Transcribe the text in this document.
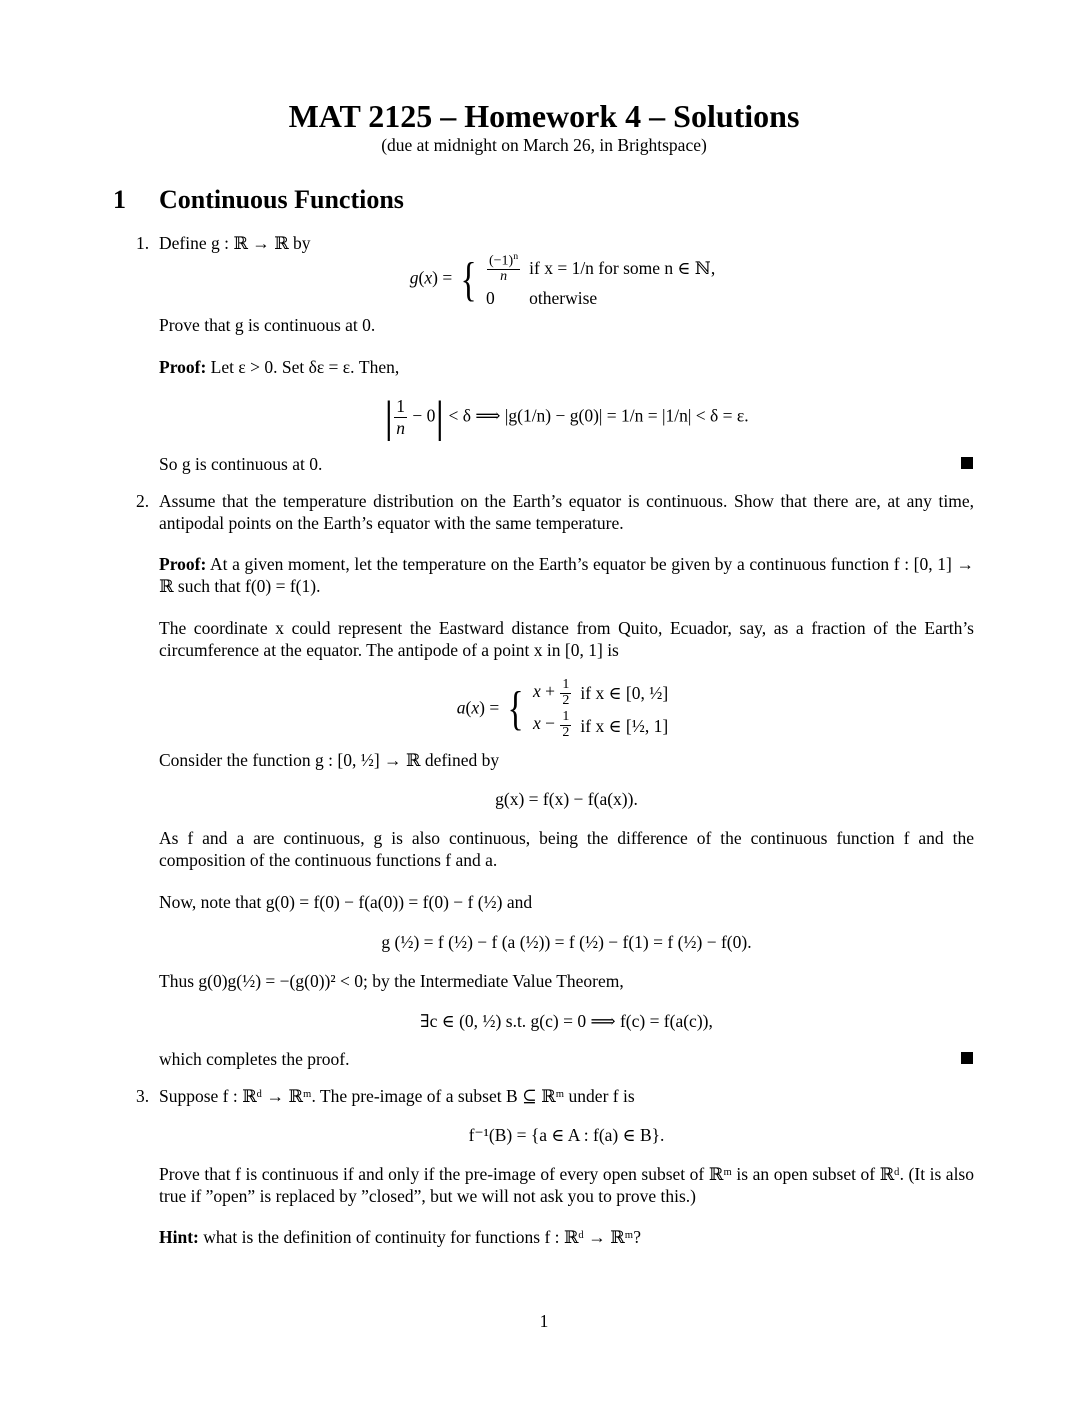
MAT 2125 – Homework 4 – Solutions
(due at midnight on March 26, in Brightspace)
1 Continuous Functions
1. Define g : ℝ → ℝ by
g(x) = { $\frac{(-1)^n}{n}$	if x = 1/n for some n ∈ ℕ,
0	otherwise
Prove that g is continuous at 0.
Proof: Let ε > 0. Set δε = ε. Then,
| $\frac{1}{n} - 0| < \delta$ ⟹ |g(1/n) − g(0)| = 1/n = |1/n| < δ = ε.
So g is continuous at 0.
2. Assume that the temperature distribution on the Earth’s equator is continuous. Show that there are, at any time, antipodal points on the Earth’s equator with the same temperature.
Proof: At a given moment, let the temperature on the Earth’s equator be given by a continuous function f : [0, 1] → ℝ such that f(0) = f(1).
The coordinate x could represent the Eastward distance from Quito, Ecuador, say, as a fraction of the Earth’s circumference at the equator. The antipode of a point x in [0, 1] is
a(x) = { $x + \frac{1}{2}$	if x ∈ [0, ½]
$x - \frac{1}{2}$	if x ∈ [½, 1]
Consider the function g : [0, ½] → ℝ defined by
g(x) = f(x) − f(a(x)).
As f and a are continuous, g is also continuous, being the difference of the continuous function f and the composition of the continuous functions f and a.
Now, note that g(0) = f(0) − f(a(0)) = f(0) − f (½) and
g (½) = f (½) − f (a (½)) = f (½) − f(1) = f (½) − f(0).
Thus g(0)g(½) = −(g(0))² < 0; by the Intermediate Value Theorem,
∃c ∈ (0, ½) s.t. g(c) = 0 ⟹ f(c) = f(a(c)),
which completes the proof.
3. Suppose f : ℝᵈ → ℝᵐ. The pre-image of a subset B ⊆ ℝᵐ under f is
f⁻¹(B) = {a ∈ A : f(a) ∈ B}.
Prove that f is continuous if and only if the pre-image of every open subset of ℝᵐ is an open subset of ℝᵈ. (It is also true if ”open” is replaced by ”closed”, but we will not ask you to prove this.)
Hint: what is the definition of continuity for functions f : ℝᵈ → ℝᵐ?
1
